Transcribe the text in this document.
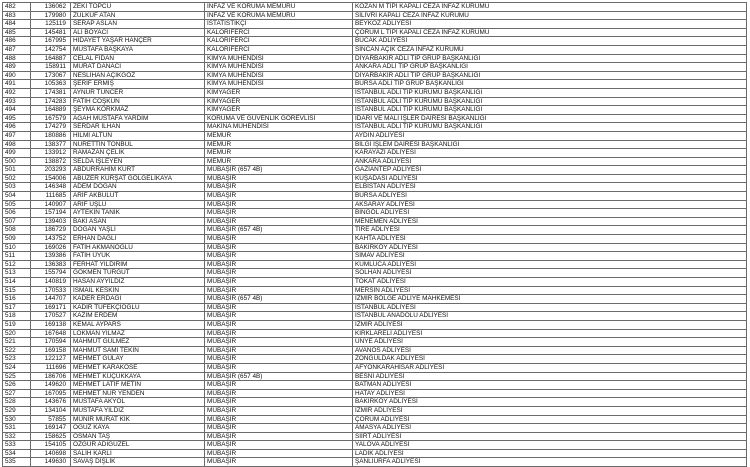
482	136062	ZEKİ TOPCU	İNFAZ VE KORUMA MEMURU	KOZAN M TİPİ KAPALI CEZA İNFAZ KURUMU
483	179980	ZÜLKÜF ATAN	İNFAZ VE KORUMA MEMURU	SİLİVRİ KAPALI CEZA İNFAZ KURUMU
484	125119	SERAP ASLAN	İSTATİSTİKÇİ	BEYKOZ ADLİYESİ
485	145481	ALİ BOYACI	KALORİFERCİ	ÇORUM L TİPİ KAPALI CEZA İNFAZ KURUMU
486	167995	HİDAYET YAŞAR HANÇER	KALORİFERCİ	BUCAK ADLİYESİ
487	142754	MUSTAFA BAŞKAYA	KALORİFERCİ	SİNCAN AÇIK CEZA İNFAZ KURUMU
488	164887	CELAL FİDAN	KİMYA MÜHENDİSİ	DİYARBAKIR ADLİ TIP GRUP BAŞKANLIĞI
489	158911	MURAT DANACI	KİMYA MÜHENDİSİ	ANKARA ADLİ TIP GRUP BAŞKANLIĞI
490	173067	NESLİHAN AÇIKGÖZ	KİMYA MÜHENDİSİ	DİYARBAKIR ADLİ TIP GRUP BAŞKANLIĞI
491	105363	ŞERİF ERMİŞ	KİMYA MÜHENDİSİ	BURSA ADLİ TIP GRUP BAŞKANLIĞI
492	174381	AYNUR TUNCER	KİMYAGER	İSTANBUL ADLİ TIP KURUMU BAŞKANLIĞI
493	174283	FATİH COŞKUN	KİMYAGER	İSTANBUL ADLİ TIP KURUMU BAŞKANLIĞI
494	164889	ŞEYMA KORKMAZ	KİMYAGER	İSTANBUL ADLİ TIP KURUMU BAŞKANLIĞI
495	167579	AGAH MUSTAFA YARDIM	KORUMA VE GÜVENLİK GÖREVLİSİ	İDARİ VE MALİ İŞLER DAİRESİ BAŞKANLIĞI
496	174279	SERDAR İLHAN	MAKİNA MÜHENDİSİ	İSTANBUL ADLİ TIP KURUMU BAŞKANLIĞI
497	180886	HİLMİ ALTUN	MEMUR	AYDIN ADLİYESİ
498	138377	NURETTİN TONBUL	MEMUR	BİLGİ İŞLEM DAİRESİ BAŞKANLIĞI
499	133912	RAMAZAN ÇELİK	MEMUR	KARAYAZI ADLİYESİ
500	138872	SELDA İŞLEYEN	MEMUR	ANKARA ADLİYESİ
501	203293	ABDURRAHİM KURT	MÜBAŞİR (657 4B)	GAZİANTEP ADLİYESİ
502	154006	ABUZER KÜRŞAT GÖLGELİKAYA	MÜBAŞİR	KUŞADASI ADLİYESİ
503	146348	ADEM DOĞAN	MÜBAŞİR	ELBİSTAN ADLİYESİ
504	111685	ARİF AKBULUT	MÜBAŞİR	BURSA ADLİYESİ
505	140907	ARİF UŞLU	MÜBAŞİR	AKSARAY ADLİYESİ
506	157194	AYTEKİN TANIK	MÜBAŞİR	BİNGÖL ADLİYESİ
507	139403	BAKİ ASAN	MÜBAŞİR	MENEMEN ADLİYESİ
508	186729	DOĞAN YAŞLI	MÜBAŞİR (657 4B)	TİRE ADLİYESİ
509	143752	ERHAN DAĞLI	MÜBAŞİR	KAHTA ADLİYESİ
510	169026	FATİH AKMANOĞLU	MÜBAŞİR	BAKIRKÖY ADLİYESİ
511	139386	FATİH ÜYÜK	MÜBAŞİR	SİMAV ADLİYESİ
512	136383	FERHAT YILDIRIM	MÜBAŞİR	KUMLUCA ADLİYESİ
513	155794	GÖKMEN TURGUT	MÜBAŞİR	SOLHAN ADLİYESİ
514	140819	HASAN AYYILDIZ	MÜBAŞİR	TOKAT ADLİYESİ
515	170533	İSMAİL KESKİN	MÜBAŞİR	MERSİN ADLİYESİ
516	144707	KADER ERDAĞI	MÜBAŞİR (657 4B)	İZMİR BÖLGE ADLİYE MAHKEMESİ
517	169171	KADİR TÜFEKÇİOĞLU	MÜBAŞİR	İSTANBUL ADLİYESİ
518	170527	KAZIM ERDEM	MÜBAŞİR	İSTANBUL ANADOLU ADLİYESİ
519	169138	KEMAL AYPARS	MÜBAŞİR	İZMİR ADLİYESİ
520	167648	LOKMAN YILMAZ	MÜBAŞİR	KIRKLARELİ ADLİYESİ
521	170594	MAHMUT GÜLMEZ	MÜBAŞİR	ÜNYE ADLİYESİ
522	169158	MAHMUT SAMİ TEKİN	MÜBAŞİR	AVANOS ADLİYESİ
523	122127	MEHMET GÜLAY	MÜBAŞİR	ZONGULDAK ADLİYESİ
524	111696	MEHMET KARAKÖSE	MÜBAŞİR	AFYONKARAHİSAR ADLİYESİ
525	186706	MEHMET KÜÇÜKKAYA	MÜBAŞİR (657 4B)	BESNİ ADLİYESİ
526	149620	MEHMET LATİF METİN	MÜBAŞİR	BATMAN ADLİYESİ
527	167095	MEHMET NUR YENDEN	MÜBAŞİR	HATAY ADLİYESİ
528	143676	MUSTAFA AKYOL	MÜBAŞİR	BAKIRKÖY ADLİYESİ
529	134104	MUSTAFA YILDIZ	MÜBAŞİR	İZMİR ADLİYESİ
530	57855	MÜNİR MURAT KIK	MÜBAŞİR	ÇORUM ADLİYESİ
531	169147	OĞUZ KAYA	MÜBAŞİR	AMASYA ADLİYESİ
532	158625	OSMAN TAŞ	MÜBAŞİR	SİİRT ADLİYESİ
533	154105	ÖZGÜR ADIGÜZEL	MÜBAŞİR	YALOVA ADLİYESİ
534	140698	SALİH KARLI	MÜBAŞİR	LADİK ADLİYESİ
535	149630	SAVAŞ DİŞLİK	MÜBAŞİR	ŞANLIURFA ADLİYESİ
